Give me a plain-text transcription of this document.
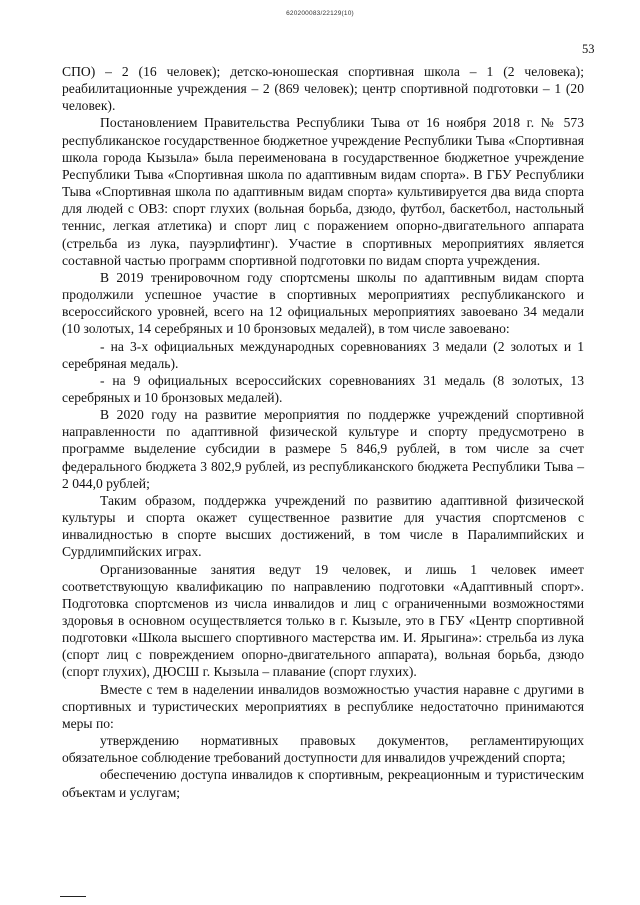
620200083/22129(10)
53

СПО) – 2 (16 человек); детско-юношеская спортивная школа – 1 (2 человека); реабилитационные учреждения – 2 (869 человек); центр спортивной подготовки – 1 (20 человек).

Постановлением Правительства Республики Тыва от 16 ноября 2018 г. № 573 республиканское государственное бюджетное учреждение Республики Тыва «Спортивная школа города Кызыла» была переименована в государственное бюджетное учреждение Республики Тыва «Спортивная школа по адаптивным видам спорта». В ГБУ Республики Тыва «Спортивная школа по адаптивным видам спорта» культивируется два вида спорта для людей с ОВЗ: спорт глухих (вольная борьба, дзюдо, футбол, баскетбол, настольный теннис, легкая атлетика) и спорт лиц с поражением опорно-двигательного аппарата (стрельба из лука, пауэрлифтинг). Участие в спортивных мероприятиях является составной частью программ спортивной подготовки по видам спорта учреждения.

В 2019 тренировочном году спортсмены школы по адаптивным видам спорта продолжили успешное участие в спортивных мероприятиях республиканского и всероссийского уровней, всего на 12 официальных мероприятиях завоевано 34 медали (10 золотых, 14 серебряных и 10 бронзовых медалей), в том числе завоевано:

- на 3-х официальных международных соревнованиях 3 медали (2 золотых и 1 серебряная медаль).

- на 9 официальных всероссийских соревнованиях 31 медаль (8 золотых, 13 серебряных и 10 бронзовых медалей).

В 2020 году на развитие мероприятия по поддержке учреждений спортивной направленности по адаптивной физической культуре и спорту предусмотрено в программе выделение субсидии в размере 5 846,9 рублей, в том числе за счет федерального бюджета 3 802,9 рублей, из республиканского бюджета Республики Тыва – 2 044,0 рублей;

Таким образом, поддержка учреждений по развитию адаптивной физической культуры и спорта окажет существенное развитие для участия спортсменов с инвалидностью в спорте высших достижений, в том числе в Паралимпийских и Сурдлимпийских играх.

Организованные занятия ведут 19 человек, и лишь 1 человек имеет соответствующую квалификацию по направлению подготовки «Адаптивный спорт». Подготовка спортсменов из числа инвалидов и лиц с ограниченными возможностями здоровья в основном осуществляется только в г. Кызыле, это в ГБУ «Центр спортивной подготовки «Школа высшего спортивного мастерства им. И. Ярыгина»: стрельба из лука (спорт лиц с повреждением опорно-двигательного аппарата), вольная борьба, дзюдо (спорт глухих), ДЮСШ г. Кызыла – плавание (спорт глухих).

Вместе с тем в наделении инвалидов возможностью участия наравне с другими в спортивных и туристических мероприятиях в республике недостаточно принимаются меры по:

утверждению нормативных правовых документов, регламентирующих обязательное соблюдение требований доступности для инвалидов учреждений спорта;

обеспечению доступа инвалидов к спортивным, рекреационным и туристическим объектам и услугам;
